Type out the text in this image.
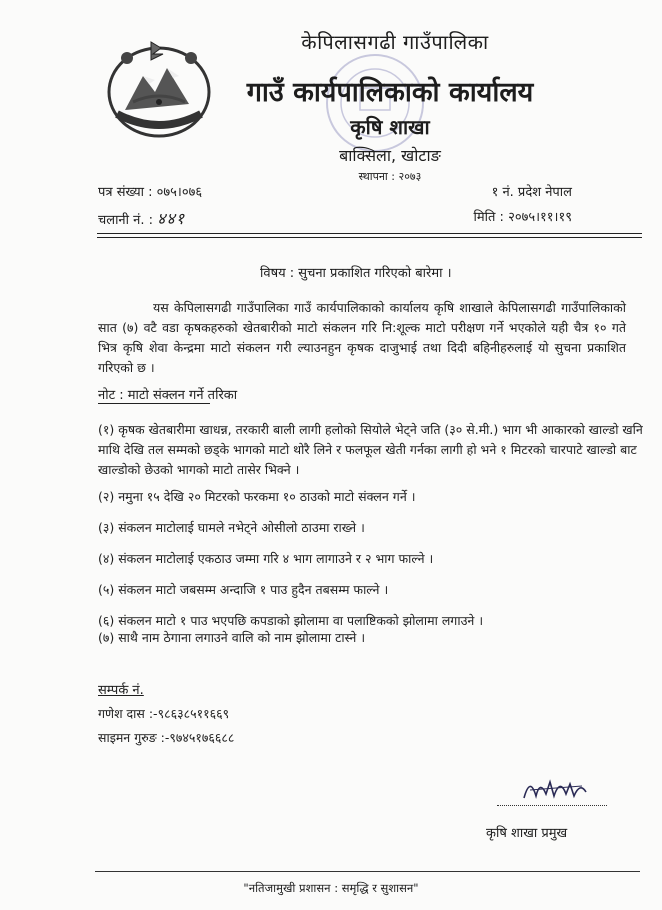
केपिलासगढी गाउँपालिका
गाउँ कार्यपालिकाको कार्यालय
कृषि शाखा
बाक्सिला, खोटाङ
स्थापना : २०७३
पत्र संख्या : ०७५।०७६	१ नं. प्रदेश नेपाल
चलानी नं. : ४४१	मिति : २०७५।११।१९
विषय : सुचना प्रकाशित गरिएको बारेमा ।
यस केपिलासगढी गाउँपालिका गाउँ कार्यपालिकाको कार्यालय कृषि शाखाले केपिलासगढी गाउँपालिकाको सात (७) वटै वडा कृषकहरुको खेतबारीको माटो संकलन गरि नि:शूल्क माटो परीक्षण गर्ने भएकोले यही चैत्र १० गते भित्र कृषि शेवा केन्द्रमा माटो संकलन गरी ल्याउनहुन कृषक दाजुभाई तथा दिदी बहिनीहरुलाई यो सुचना प्रकाशित गरिएको छ ।
नोट : माटो संक्लन गर्ने तरिका
(१) कृषक खेतबारीमा खाधन्न, तरकारी बाली लागी हलोको सियोले भेट्ने जति (३० से.मी.) भाग भी आकारको खाल्डो खनि माथि देखि तल सम्मको छड्के भागको माटो थोरै लिने र फलफूल खेती गर्नका लागी हो भने १ मिटरको चारपाटे खाल्डो बाट खाल्डोको छेउको भागको माटो तासेर भिक्ने ।
(२) नमुना १५ देखि २० मिटरको फरकमा १० ठाउको माटो संक्लन गर्ने ।
(३) संकलन माटोलाई घामले नभेट्ने ओसीलो ठाउमा राख्ने ।
(४) संकलन माटोलाई एकठाउ जम्मा गरि ४ भाग लागाउने र २ भाग फाल्ने ।
(५) संकलन माटो जबसम्म अन्दाजि १ पाउ हुदैन तबसम्म फाल्ने ।
(६) संकलन माटो १ पाउ भएपछि कपडाको झोलामा वा पलाष्टिकको झोलामा लगाउने ।
(७) साथै नाम ठेगाना लगाउने वालि को नाम झोलामा टास्ने ।
सम्पर्क नं.
गणेश दास :-९८६३८५११६६९
साइमन गुरुङ :-९७४५१७६६८८
कृषि शाखा प्रमुख
"नतिजामुखी प्रशासन : समृद्धि र सुशासन"
